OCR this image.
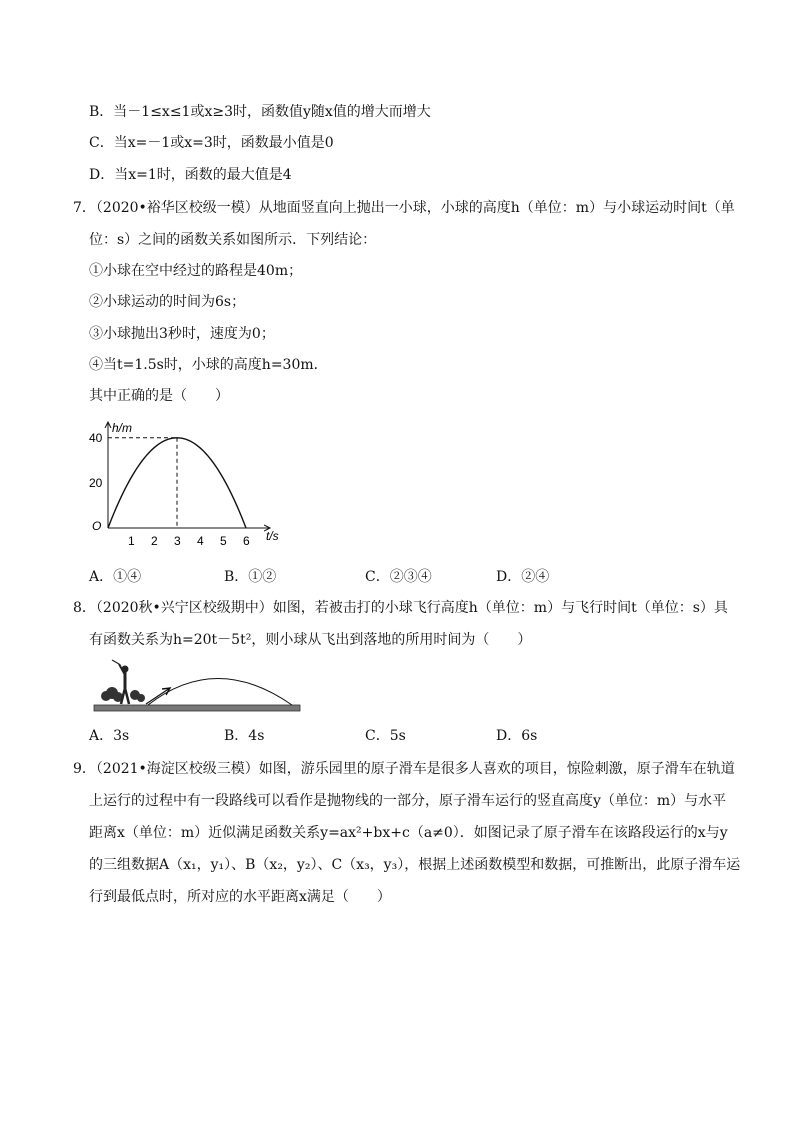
B．当－1≤x≤1或x≥3时，函数值y随x值的增大而增大
C．当x=－1或x=3时，函数最小值是0
D．当x=1时，函数的最大值是4
7．（2020•裕华区校级一模）从地面竖直向上抛出一小球，小球的高度h（单位：m）与小球运动时间t（单
位：s）之间的函数关系如图所示．下列结论：
①小球在空中经过的路程是40m；
②小球运动的时间为6s；
③小球抛出3秒时，速度为0；
④当t=1.5s时，小球的高度h=30m．
其中正确的是（　　）
h/m
t/s
O
1 2 3 4 5 6
20
40
A．①④	B．①②	C．②③④	D．②④
8．（2020秋•兴宁区校级期中）如图，若被击打的小球飞行高度h（单位：m）与飞行时间t（单位：s）具
有函数关系为h=20t－5t²，则小球从飞出到落地的所用时间为（　　）
A．3s	B．4s	C．5s	D．6s
9．（2021•海淀区校级三模）如图，游乐园里的原子滑车是很多人喜欢的项目，惊险刺激，原子滑车在轨道
上运行的过程中有一段路线可以看作是抛物线的一部分，原子滑车运行的竖直高度y（单位：m）与水平
距离x（单位：m）近似满足函数关系y=ax²+bx+c（a≠0）．如图记录了原子滑车在该路段运行的x与y
的三组数据A（x₁，y₁）、B（x₂，y₂）、C（x₃，y₃），根据上述函数模型和数据，可推断出，此原子滑车运
行到最低点时，所对应的水平距离x满足（　　）
